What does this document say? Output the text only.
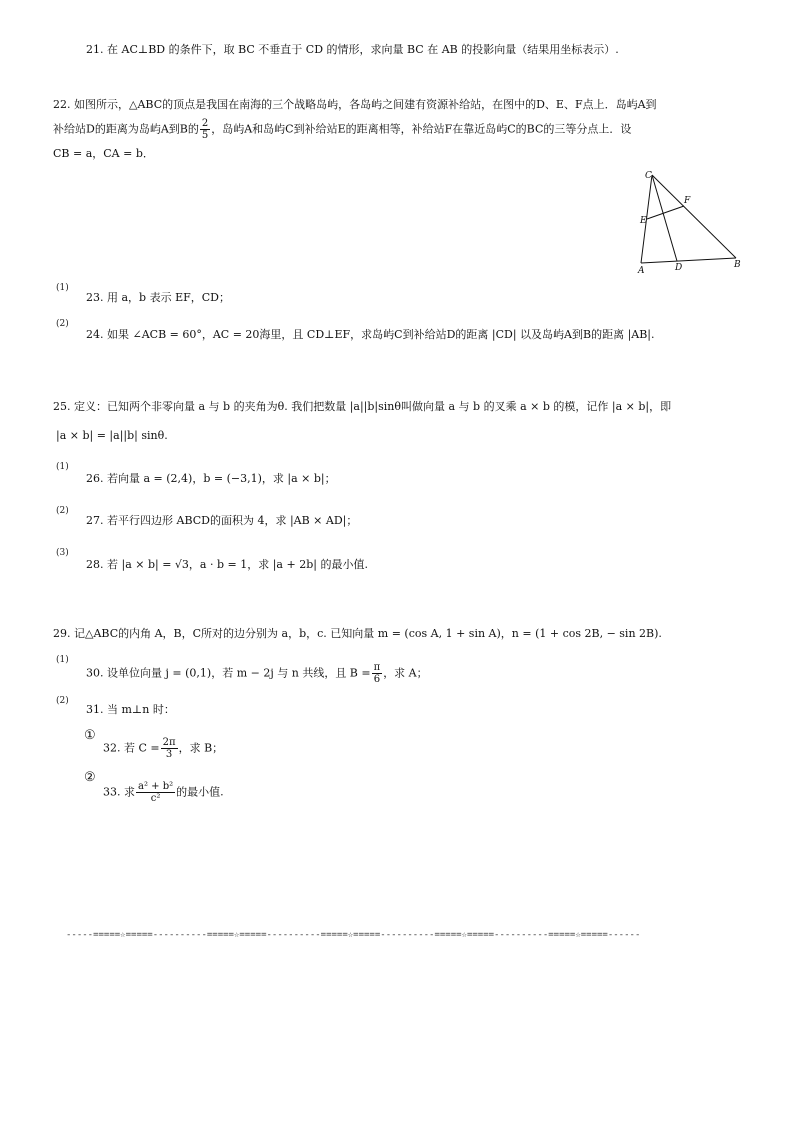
21. 在 AC⊥BD 的条件下，取 BC 不垂直于 CD 的情形，求向量 BC 在 AB 的投影向量（结果用坐标表示）.
22. 如图所示，△ABC的顶点是我国在南海的三个战略岛屿，各岛屿之间建有资源补给站，在图中的D、E、F点上．岛屿A到
补给站D的距离为岛屿A到B的 $\frac{2}{5}$ ，岛屿A和岛屿C到补给站E的距离相等，补给站F在靠近岛屿C的BC的三等分点上．设
CB = a，CA = b．
C
F
E
A	D	B
(1)
23. 用 a，b 表示 EF，CD；
(2)
24. 如果 ∠ACB = 60°，AC = 20海里，且 CD⊥EF，求岛屿C到补给站D的距离 |CD| 以及岛屿A到B的距离 |AB|.
25. 定义：已知两个非零向量 a 与 b 的夹角为θ. 我们把数量 |a||b|sinθ叫做向量 a 与 b 的叉乘 a × b 的模，记作 |a × b|，即
|a × b| = |a||b| sinθ.
(1)
26. 若向量 a = (2,4)，b = (−3,1)，求 |a × b|；
(2)
27. 若平行四边形 ABCD的面积为 4，求 |AB × AD|；
(3)
28. 若 |a × b| = √3，a · b = 1，求 |a + 2b| 的最小值.
29. 记△ABC的内角 A，B，C所对的边分别为 a，b，c. 已知向量 m = (cos A, 1 + sin A)，n = (1 + cos 2B, − sin 2B).
(1)
30. 设单位向量 j = (0,1)，若 m − 2j 与 n 共线，且 $B = \frac{\pi}{6}$ ，求 A；
(2)
31. 当 m⊥n 时：
①
32. 若 $C = \frac{2\pi}{3}$ ，求 B；
②
33. 求 $\frac{\text{a² + b²}}{\text{c²}}$ 的最小值.
-----=====☆=====----------=====☆=====----------=====☆=====----------=====☆=====----------=====☆=====------
